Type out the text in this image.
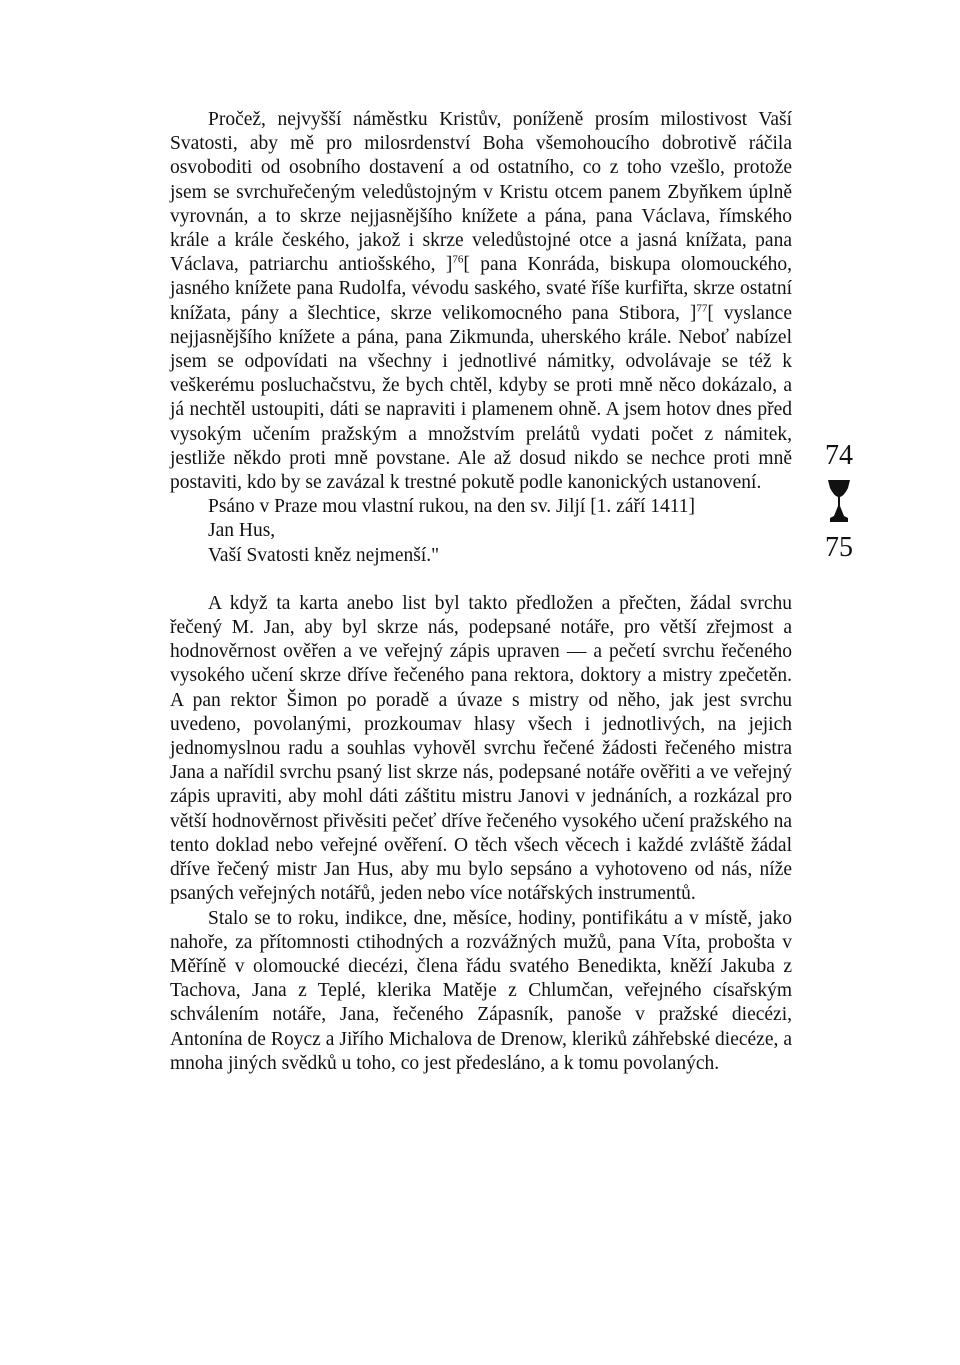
Pročež, nejvyšší náměstku Kristův, poníženě prosím milostivost Vaší Svatosti, aby mě pro milosrdenství Boha všemohoucího dobrotivě ráčila osvoboditi od osobního dostavení a od ostatního, co z toho vzešlo, protože jsem se svrchuřečeným veledůstojným v Kristu otcem panem Zbyňkem úplně vyrovnán, a to skrze nejjasnějšího knížete a pána, pana Václava, římského krále a krále českého, jakož i skrze veledůstojné otce a jasná knížata, pana Václava, patriarchu antiošského, ]$^{76}$[ pana Konráda, biskupa olomouckého, jasného knížete pana Rudolfa, vévodu saského, svaté říše kurfiřta, skrze ostatní knížata, pány a šlechtice, skrze velikomocného pana Stibora, ]$^{77}$[ vyslance nejjasnějšího knížete a pána, pana Zikmunda, uherského krále. Neboť nabízel jsem se odpovídati na všechny i jednotlivé námitky, odvolávaje se též k veškerému posluchačstvu, že bych chtěl, kdyby se proti mně něco dokázalo, a já nechtěl ustoupiti, dáti se napraviti i plamenem ohně. A jsem hotov dnes před vysokým učením pražským a množstvím prelátů vydati počet z námitek, jestliže někdo proti mně povstane. Ale až dosud nikdo se nechce proti mně postaviti, kdo by se zavázal k trestné pokutě podle kanonických ustanovení.

Psáno v Praze mou vlastní rukou, na den sv. Jiljí [1. září 1411]
Jan Hus,
Vaší Svatosti kněz nejmenší."

A když ta karta anebo list byl takto předložen a přečten, žádal svrchu řečený M. Jan, aby byl skrze nás, podepsané notáře, pro větší zřejmost a hodnověrnost ověřen a ve veřejný zápis upraven — a pečetí svrchu řečeného vysokého učení skrze dříve řečeného pana rektora, doktory a mistry zpečetěn. A pan rektor Šimon po poradě a úvaze s mistry od něho, jak jest svrchu uvedeno, povolanými, prozkoumav hlasy všech i jednotlivých, na jejich jednomyslnou radu a souhlas vyhověl svrchu řečené žádosti řečeného mistra Jana a nařídil svrchu psaný list skrze nás, podepsané notáře ověřiti a ve veřejný zápis upraviti, aby mohl dáti záštitu mistru Janovi v jednáních, a rozkázal pro větší hodnověrnost přivěsiti pečeť dříve řečeného vysokého učení pražského na tento doklad nebo veřejné ověření. O těch všech věcech i každé zvláště žádal dříve řečený mistr Jan Hus, aby mu bylo sepsáno a vyhotoveno od nás, níže psaných veřejných notářů, jeden nebo více notářských instrumentů.

Stalo se to roku, indikce, dne, měsíce, hodiny, pontifikátu a v místě, jako nahoře, za přítomnosti ctihodných a rozvážných mužů, pana Víta, probošta v Měříně v olomoucké diecézi, člena řádu svatého Benedikta, kněží Jakuba z Tachova, Jana z Teplé, klerika Matěje z Chlumčan, veřejného císařským schválením notáře, Jana, řečeného Zápasník, panoše v pražské diecézi, Antonína de Roycz a Jiřího Michalova de Drenow, kleriků záhřebské diecéze, a mnoha jiných svědků u toho, co jest předesláno, a k tomu povolaných.

74
75
